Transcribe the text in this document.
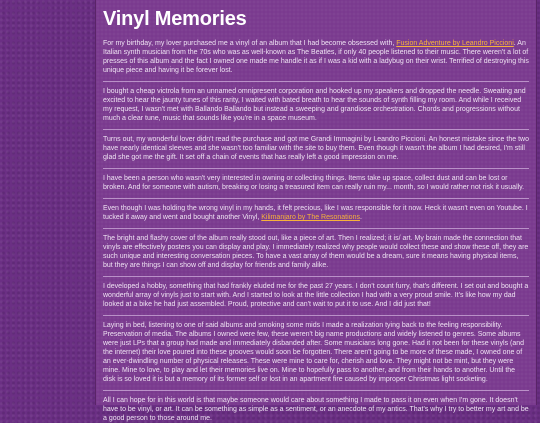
Vinyl Memories

For my birthday, my lover purchased me a vinyl of an album that I had become obsessed with, Fusion Adventure by Leandro Piccioni. An Italian synth musician from the 70s who was as well-known as The Beatles, if only 40 people listened to their music. There weren't a lot of presses of this album and the fact I owned one made me handle it as if I was a kid with a ladybug on their wrist. Terrified of destroying this unique piece and having it be forever lost.

I bought a cheap victrola from an unnamed omnipresent corporation and hooked up my speakers and dropped the needle. Sweating and excited to hear the jaunty tunes of this rarity, I waited with bated breath to hear the sounds of synth filling my room. And while I received my request, I wasn't met with Ballando Ballando but instead a sweeping and grandiose orchestration. Chords and progressions without much a clear tune, music that sounds like you're in a space museum.

Turns out, my wonderful lover didn't read the purchase and got me Grandi Immagini by Leandro Piccioni. An honest mistake since the two have nearly identical sleeves and she wasn't too familiar with the site to buy them. Even though it wasn't the album I had desired, I'm still glad she got me the gift. It set off a chain of events that has really left a good impression on me.

I have been a person who wasn't very interested in owning or collecting things. Items take up space, collect dust and can be lost or broken. And for someone with autism, breaking or losing a treasured item can really ruin my... month, so I would rather not risk it usually.

Even though I was holding the wrong vinyl in my hands, it felt precious, like I was responsible for it now. Heck it wasn't even on Youtube. I tucked it away and went and bought another Vinyl, Kilimanjaro by The Resonations.

The bright and flashy cover of the album really stood out, like a piece of art. Then I realized; it is/ art. My brain made the connection that vinyls are effectively posters you can display and play. I immediately realized why people would collect these and show these off, they are such unique and interesting conversation pieces. To have a vast array of them would be a dream, sure it means having physical items, but they are things I can show off and display for friends and family alike.

I developed a hobby, something that had frankly eluded me for the past 27 years. I don't count furry, that's different. I set out and bought a wonderful array of vinyls just to start with. And I started to look at the little collection I had with a very proud smile. It's like how my dad looked at a bike he had just assembled. Proud, protective and can't wait to put it to use. And I did just that!

Laying in bed, listening to one of said albums and smoking some mids I made a realization tying back to the feeling responsibility. Preservation of media. The albums I owned were few, these weren't big name productions and widely listened to genres. Some albums were just LPs that a group had made and immediately disbanded after. Some musicians long gone. Had it not been for these vinyls (and the internet) their love poured into these grooves would soon be forgotten. There aren't going to be more of these made, I owned one of an ever-dwindling number of physical releases. These were mine to care for, cherish and love. They might not be mint, but they were mine. Mine to love, to play and let their memories live on. Mine to hopefully pass to another, and from their hands to another. Until the disk is so loved it is but a memory of its former self or lost in an apartment fire caused by improper Christmas light socketing.

All I can hope for in this world is that maybe someone would care about something I made to pass it on even when I'm gone. It doesn't have to be vinyl, or art. It can be something as simple as a sentiment, or an anecdote of my antics. That's why I try to better my art and be a good person to those around me.
